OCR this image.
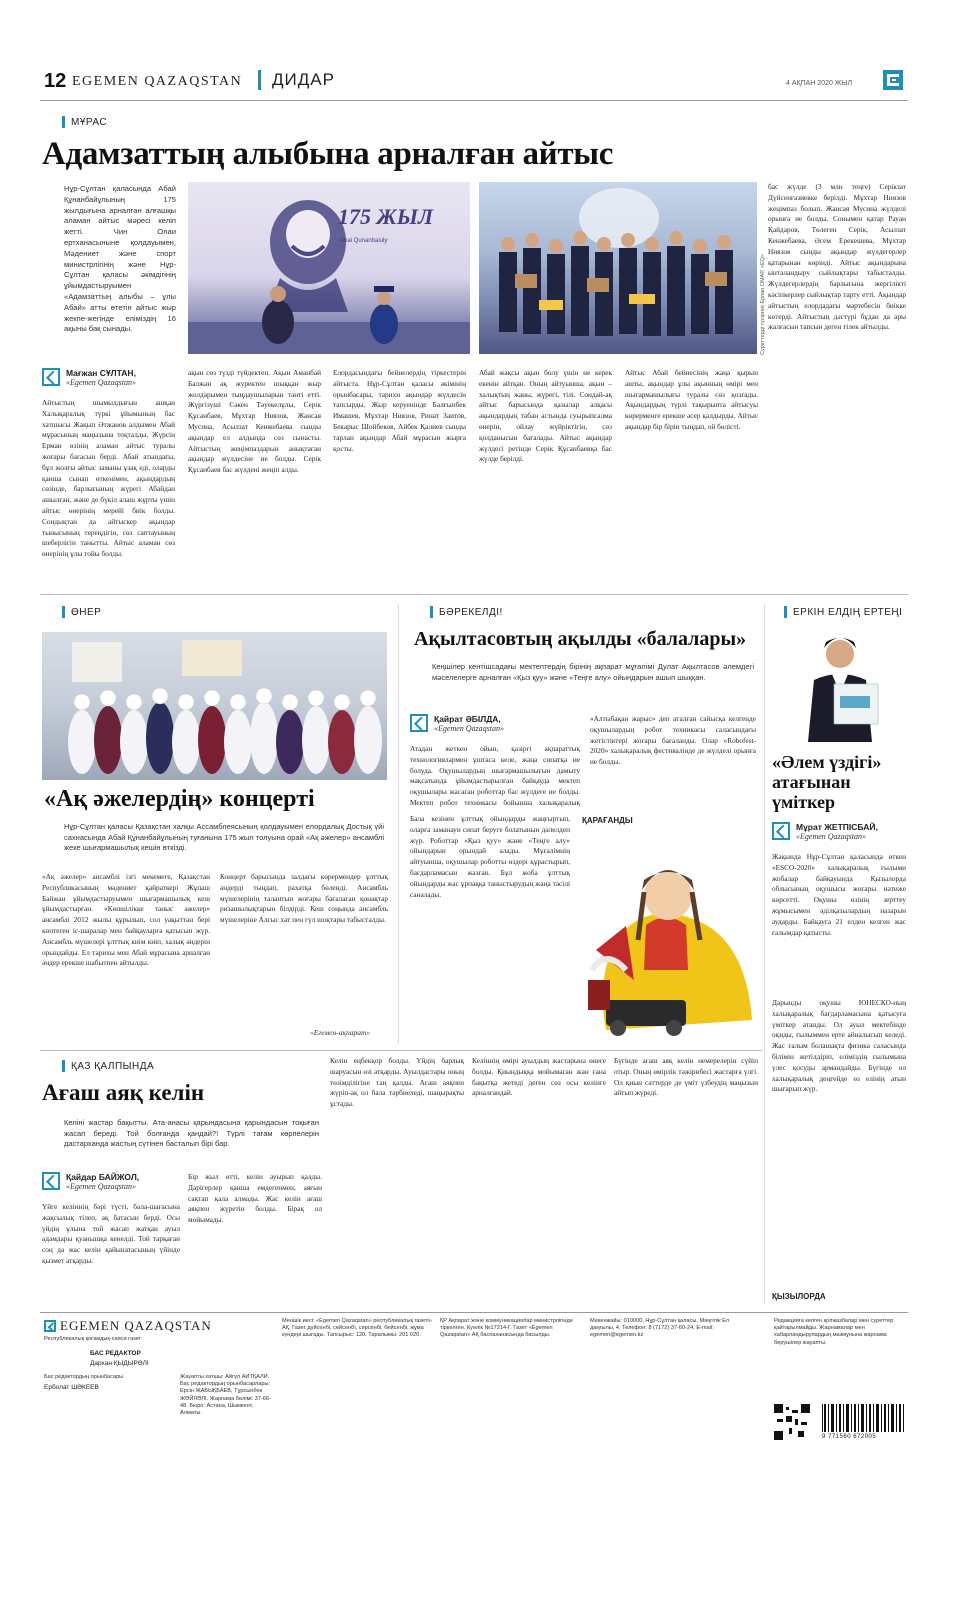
12 EGEMEN QAZAQSTAN ДИДАР	4 АҚПАН 2020 ЖЫЛ
МҰРАС
Адамзаттың алыбына арналған айтыс
Нұр-Сұлтан қаласында Абай Құнанбайұлының 175 жылдығына арналған алғашқы аламан айтыс мәресі келіп жетті. Чин Олаи ертханасыныне қолдауымен, Мәдениет және спорт министрлігінің және Нұр-Сұлтан қаласы әкімдігінің ұйымдастыруымен «Адамзаттың алыбы – ұлы Абай» атты өтетін айтыс жыр жекпе-жегінде еліміздің 16 ақыны бақ сынады.
175 ЖЫЛ
Abai Qunanbaiuly
Суреттерді түсірген Ерлан ОМАР, «EQ»
Мағжан СҰЛТАН,
«Egemen Qazaqstan»
Айтыстың шымылдығын ашқан Халықаралық түркі ұйымының бас хатшысы Жақып Әтжанов алдымен Абай мұрасының маңызына тоқталды. Жүрсін Ерман өзінің аламан айтыс туралы жоғары бағасын берді. Абай атындағы, бұл жолғы айтыс заманы ұзақ еді, оларды қанша сынап өткенімен, ақындардың сөзінде, барлығының жүрегі Абайдан ашылған, және де бүкіл алаш жұрты үшін айтыс өнерінің мерейі биік болды. Сондықтан да айтыскер ақындар тынысының тереңдігін, сөз саптауының шеберлігін танытты. Айтыс аламан сөз өнерінің ұлы тойы болды.
ақын сөз түзді түйдектеп. Ақын Аманбай Балжан ақ журектен шыққан жыр жолдарымен тыңдаушыларын тәнті етті. Жүргізуші Сәкен Тәуекелұлы, Серік Құсанбаев, Мұхтар Ниязов, Жансая Мусина, Асылзат Кенжебаева сынды ақындар ел алдында сөз сынасты. Айтыстың жеңімпаздарын анықтаған ақындар жүлдесіне ие болды. Серік Құсанбаев бас жүлдені жеңіп алды.
Елордасындағы бейнелердің тіркестерін айтыста. Нұр-Сұлтан қаласы әкімінің орынбасары, тарихи ақындар жүлдесін тапсырды. Жыр керуенінде Балғынбек Имашев, Мұхтар Ниязов, Ринат Заитов, Бекарыс Шойбеков, Айбек Қалиев сынды тарлан ақындар Абай мұрасын жырға қосты.
Абай жақсы ақын болу үшін не керек екенін айтқан. Оның айтуынша, ақын – халықтың жаны, жүрегі, тілі. Сондай-ақ айтыс барысында қазылар алқасы ақындардың табан астында суырыпсалма өнерін, ойлау жүйріктігін, сөз қолданысын бағалады. Айтыс ақындар жүлдесі ретінде Серік Құсанбаевқа бас жүлде берілді.
Айтыс Абай бейнесінің жаңа қырын ашты, ақындар ұлы ақынның өмірі мен шығармашылығы туралы сөз қозғады. Ақындардың түрлі тақырыпта айтысуы көрерменге ерекше әсер қалдырды. Айтыс ақындар бір бірін тыңдап, ой бөлісті.
бас жүлде (3 млн теңге) Серікзат Дүйсенғазиевке берілді. Мұхтар Ниязов жеңімпаз болып, Жансая Мусина жүлделі орынға ие болды. Сонымен қатар Рауан Қайдаров, Төлеген Серік, Асылзат Кенжебаева, Әсем Ерекешева, Мұхтар Ниязов сынды ақындар жүлдегерлер қатарынан көрінді. Айтыс ақындарына ынталандыру сыйлықтары табысталды. Жүлдегерлердің барлығына жергілікті кәсіпкерлер сыйлықтар тарту етті. Ақындар айтыстың елордадағы мәртебесін биікке көтерді. Айтыстың дәстүрі бұдан да ары жалғасын тапсын деген тілек айтылды.
ӨНЕР
«Ақ әжелердің» концерті
Нұр-Сұлтан қаласы Қазақстан халқы Ассамблеясының қолдауымен елордалық Достық үйі сахнасында Абай Құнанбайұлының туғанына 175 жыл толуына орай «Ақ әжелер» ансамблі жеке шығармашылық кешін өткізді.
«Ақ әжелер» ансамблі ізгі мекемеге, Қазақстан Республикасының мәдениет қайраткері Жұпаш Байжан ұйымдастыруымен шығармашылық кеш ұйымдастырған. «Көпшілікке таныс әжелер» ансамблі 2012 жылы құрылып, сол уақыттан бері көптеген іс-шаралар мен байқауларға қатысып жүр. Ансамбль мүшелері ұлттық киім киіп, халық әндерін орындайды. Ел тарихы мен Абай мұрасына арналған әндер ерекше шабытпен айтылды.
Концерт барысында залдағы көрермендер ұлттық әндерді тыңдап, рахатқа бөленді. Ансамбль мүшелерінің талантын жоғары бағалаған қонақтар ризашылықтарын білдірді. Кеш соңында ансамбль мүшелеріне Алғыс хат пен гүл шоқтары табысталды.
«Егемен-ақпарат»
БӘРЕКЕЛДІ!
Ақылтасовтың ақылды «балалары»
Кеңшілер кентішсадағы мектептердің бірінің ақпарат мұғалімі Дулат Ақылтасов әлемдегі мәселелерге арналған «Қыз қуу» және «Теңге алу» ойындарын ашып шыққан.
Қайрат ӘБІЛДА,
«Egemen Qazaqstan»
Атадан жеткен ойын, қазіргі ақпараттық технологиялармен ұштаса келе, жаңа сипатқа ие болуда. Оқушылардың шығармашылығын дамыту мақсатында ұйымдастырылған байқауда мектеп оқушылары жасаған роботтар бас жүлдеге ие болды. Мектеп робот техникасы бойынша халықаралық
«Алтыбақан жарыс» деп аталған сайысқа келгенде оқушылардың робот техникасы саласындағы жетістіктері жоғары бағаланды. Олар «Robofest-2020» халықаралық фестивалінде де жүлделі орынға ие болды.
ҚАРАҒАНДЫ
Бала кезінен ұлттық ойындарды жаңғыртып, оларға заманауи сипат беруге болатынын дәлелдеп жүр. Роботтар «Қыз қуу» және «Теңге алу» ойындарын орындай алады. Мұғалімнің айтуынша, оқушылар роботты өздері құрастырып, бағдарламасын жазған. Бұл жоба ұлттық ойындарды жас ұрпаққа таныстырудың жаңа тәсілі саналады.
ЕРКІН ЕЛДІҢ ЕРТЕҢІ
«Әлем үздігі» атағынан үміткер
Мұрат ЖЕТПІСБАЙ,
«Egemen Qazaqstan»
Жақында Нұр-Сұлтан қаласында өткен «ESCO-2020» халықаралық ғылыми жобалар байқауында Қызылорда облысының оқушысы жоғары нәтиже көрсетті. Оқушы өзінің зерттеу жұмысымен әділқазылардың назарын аударды. Байқауға 21 елден келген жас ғалымдар қатысты.
Дарынды оқушы ЮНЕСКО-ның халықаралық бағдарламасына қатысуға үміткер атанды. Ол ауыл мектебінде оқиды, ғылыммен ерте айналысып келеді. Жас ғалым болашақта физика саласында білімін жетілдіріп, еліміздің ғылымына үлес қосуды армандайды. Бүгінде ол халықаралық деңгейде өз елінің атын шығарып жүр.
ҚЫЗЫЛОРДА
ҚАЗ ҚАЛПЫНДА
Ағаш аяқ келін
Келіні жастар бақытты. Ата-анасы қарындасына қарындасын тоқыған жасап береді. Той болғанда қандай?! Түрлі тағам көрпелерін дастарханда жастың сүтінен басталып бірі бар.
Қайдар БАЙЖОЛ,
«Egemen Qazaqstan»
Үйге келіннің бәрі түсті, бала-шағасына жақсылық тілеп, ақ батасын берді. Осы үйдің ұлына той жасап жатқан ауыл адамдары қуанышқа кенелді. Той тарқаған соң да жас келін қайынатасының үйінде қызмет атқарды.
Бір жыл өтті, келін ауырып қалды. Дәрігерлер қанша емдегенмен, аяғын сақтап қала алмады. Жас келін ағаш аяқпен жүретін болды. Бірақ ол мойымады.
Келін еңбекқор болды. Үйдің барлық шаруасын өзі атқарды. Ауылдастары оның төзімділігіне таң қалды. Ағаш аяқпен жүріп-ақ ол бала тәрбиеледі, шаңырақты ұстады.
Келіннің өмірі ауылдың жастарына өнеге болды. Қиындыққа мойымаған жан ғана бақытқа жетеді деген сөз осы келінге арналғандай.
Бүгінде ағаш аяқ келін немерелерін сүйіп отыр. Оның өмірлік тәжірибесі жастарға үлгі. Ол қиын сәттерде де үміт үзбеудің маңызын айтып жүреді.
EGEMEN QAZAQSTAN
Республикалық қоғамдық-саяси газет
БАС РЕДАКТОР
Дархан ҚЫДЫРӘЛІ
Бас редактордың орынбасары
Ерболат ШӘКЕЕВ
Жауапты хатшы: Айгүл АЙТҚАЛИ. Бас редактордың орынбасарлары: Ерсін ЖАБЫҚБАЕВ, Тұрсынбек ЖӘЙЛӘЛІ. Жарнама бөлімі: 37-66-48. Бюро: Астана, Шымкент, Алматы.
Меншік иесі: «Egemen Qazaqstan» республикалық газеті» АҚ. Газет дүйсенбі, сейсенбі, сәрсенбі, бейсенбі, жұма күндері шығады. Тапсырыс: 120. Таралымы: 201 020.
ҚР Ақпарат және коммуникациялар министрлігінде тіркелген. Куәлік №17214-Г. Газет «Egemen Qazaqstan» АҚ баспаханасында басылды.
Мекенжайы: 010000, Нұр-Сұлтан қаласы, Мәңгілік Ел даңғылы, 4. Телефон: 8 (7172) 37-60-24. E-mail: egemen@egemen.kz
Редакцияға келген қолжазбалар мен суреттер қайтарылмайды. Жарнамалар мен хабарландырулардың мазмұнына жарнама берушілер жауапты.
9 771560 672005
